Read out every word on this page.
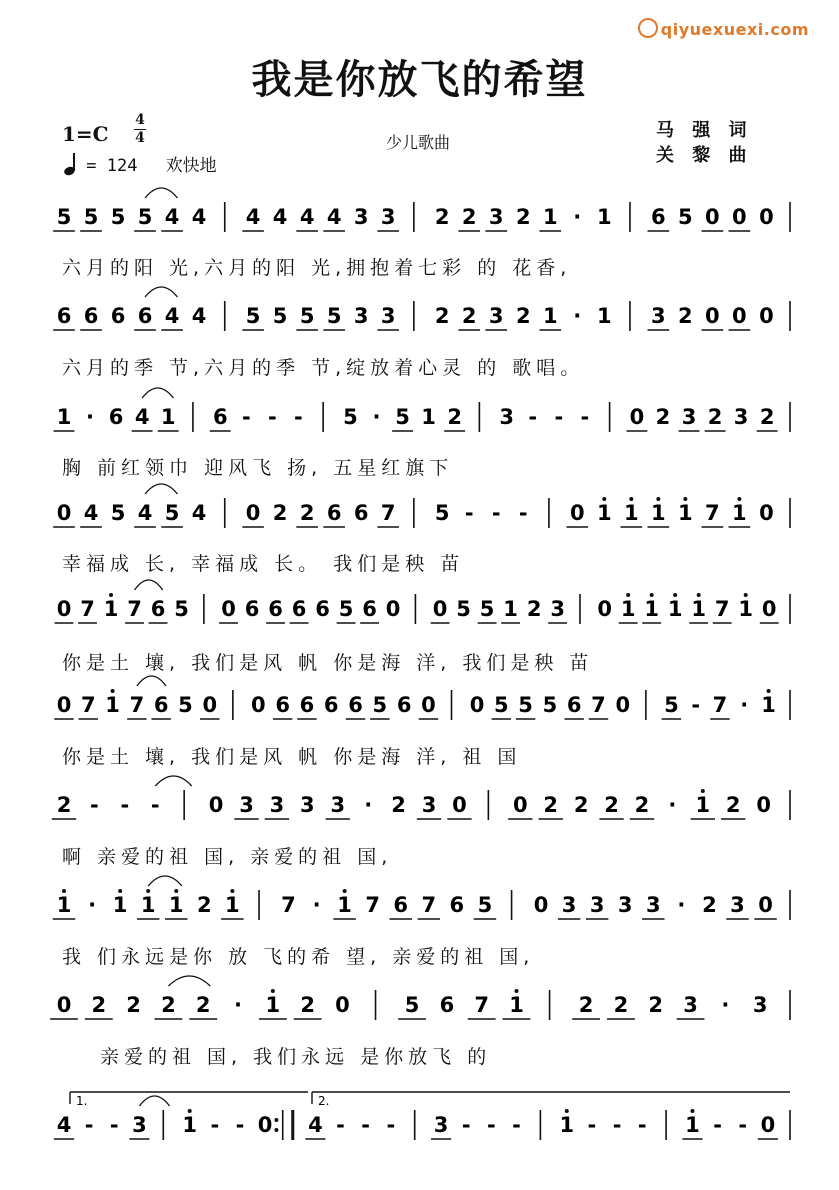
qiyuexuexi.com
我是你放飞的希望
1=C
4
4
= 124 欢快地
少儿歌曲
马 强 词
关 黎 曲
5 5 5 5 4 4 4 4 4 4 3 3 2 2 3 2 1 · 1 6 5 0 0 0
6 6 6 6 4 4 5 5 5 5 3 3 2 2 3 2 1 · 1 3 2 0 0 0
1 · 6 4 1 6 - - - 5 · 5 1 2 3 - - - 0 2 3 2 3 2
0 4 5 4 5 4 0 2 2 6 6 7 5 - - - 0 1 1 1 1 7 1 0
0 7 1 7 6 5 0 6 6 6 6 5 6 0 0 5 5 1 2 3 0 1 1 1 1 7 1 0
0 7 1 7 6 5 0 0 6 6 6 6 5 6 0 0 5 5 5 6 7 0 5 - 7 · 1
2 - - - 0 3 3 3 3 · 2 3 0 0 2 2 2 2 · 1 2 0
1 · 1 1 1 2 1 7 · 1 7 6 7 6 5 0 3 3 3 3 · 2 3 0
0 2 2 2 2 · 1 2 0	5 6 7 1	2 2 2 3 · 3
4 - - 3 1 - - 0 4 - - - 3 - - - 1 - - - 1 - - 0
1.	2.
六月的阳 光,六月的阳 光,拥抱着七彩 的 花香,
六月的季 节,六月的季 节,绽放着心灵 的 歌唱。
胸 前红领巾 迎风飞 扬, 五星红旗下
幸福成 长, 幸福成 长。 我们是秧 苗
你是土 壤, 我们是风 帆 你是海 洋, 我们是秧 苗
你是土 壤, 我们是风 帆 你是海 洋, 祖 国
啊 亲爱的祖 国, 亲爱的祖 国,
我 们永远是你 放 飞的希 望, 亲爱的祖 国,
亲爱的祖 国, 我们永远 是你放飞 的
